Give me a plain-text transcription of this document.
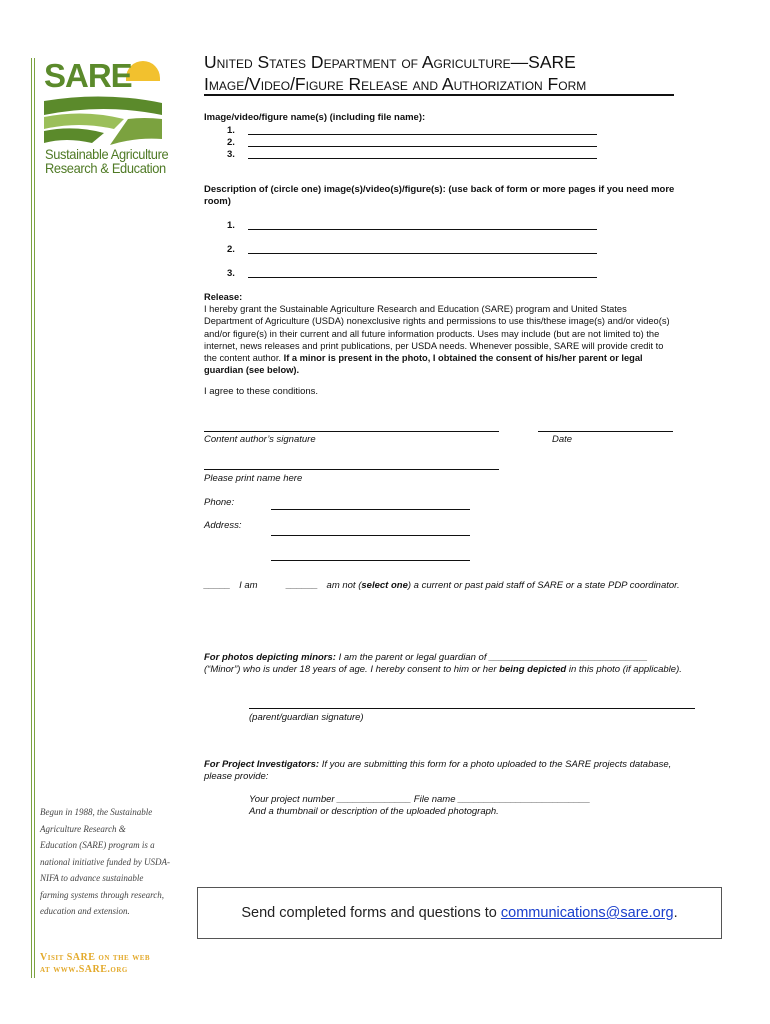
SARE
Sustainable Agriculture
Research & Education
United States Department of Agriculture—SARE
Image/Video/Figure Release and Authorization Form
Image/video/figure name(s) (including file name):
1.
2.
3.
Description of (circle one) image(s)/video(s)/figure(s): (use back of form or more pages if you need more
room)
1.
2.
3.
Release:
I hereby grant the Sustainable Agriculture Research and Education (SARE) program and United States
Department of Agriculture (USDA) nonexclusive rights and permissions to use this/these image(s) and/or video(s)
and/or figure(s) in their current and all future information products. Uses may include (but are not limited to) the
internet, news releases and print publications, per USDA needs. Whenever possible, SARE will provide credit to
the content author. If a minor is present in the photo, I obtained the consent of his/her parent or legal
guardian (see below).
I agree to these conditions.
Content author’s signature	Date
Please print name here
Phone:
Address:
_____ I am	______ am not (select one) a current or past paid staff of SARE or a state PDP coordinator.
For photos depicting minors: I am the parent or legal guardian of ______________________________
(“Minor”) who is under 18 years of age. I hereby consent to him or her being depicted in this photo (if applicable).
(parent/guardian signature)
For Project Investigators: If you are submitting this form for a photo uploaded to the SARE projects database,
please provide:
Your project number ______________ File name _________________________
And a thumbnail or description of the uploaded photograph.
Begun in 1988, the Sustainable
Agriculture Research &
Education (SARE) program is a
national initiative funded by USDA-
NIFA to advance sustainable
farming systems through research,
education and extension.
Visit SARE on the web
at www.SARE.org
Send completed forms and questions to communications@sare.org.
